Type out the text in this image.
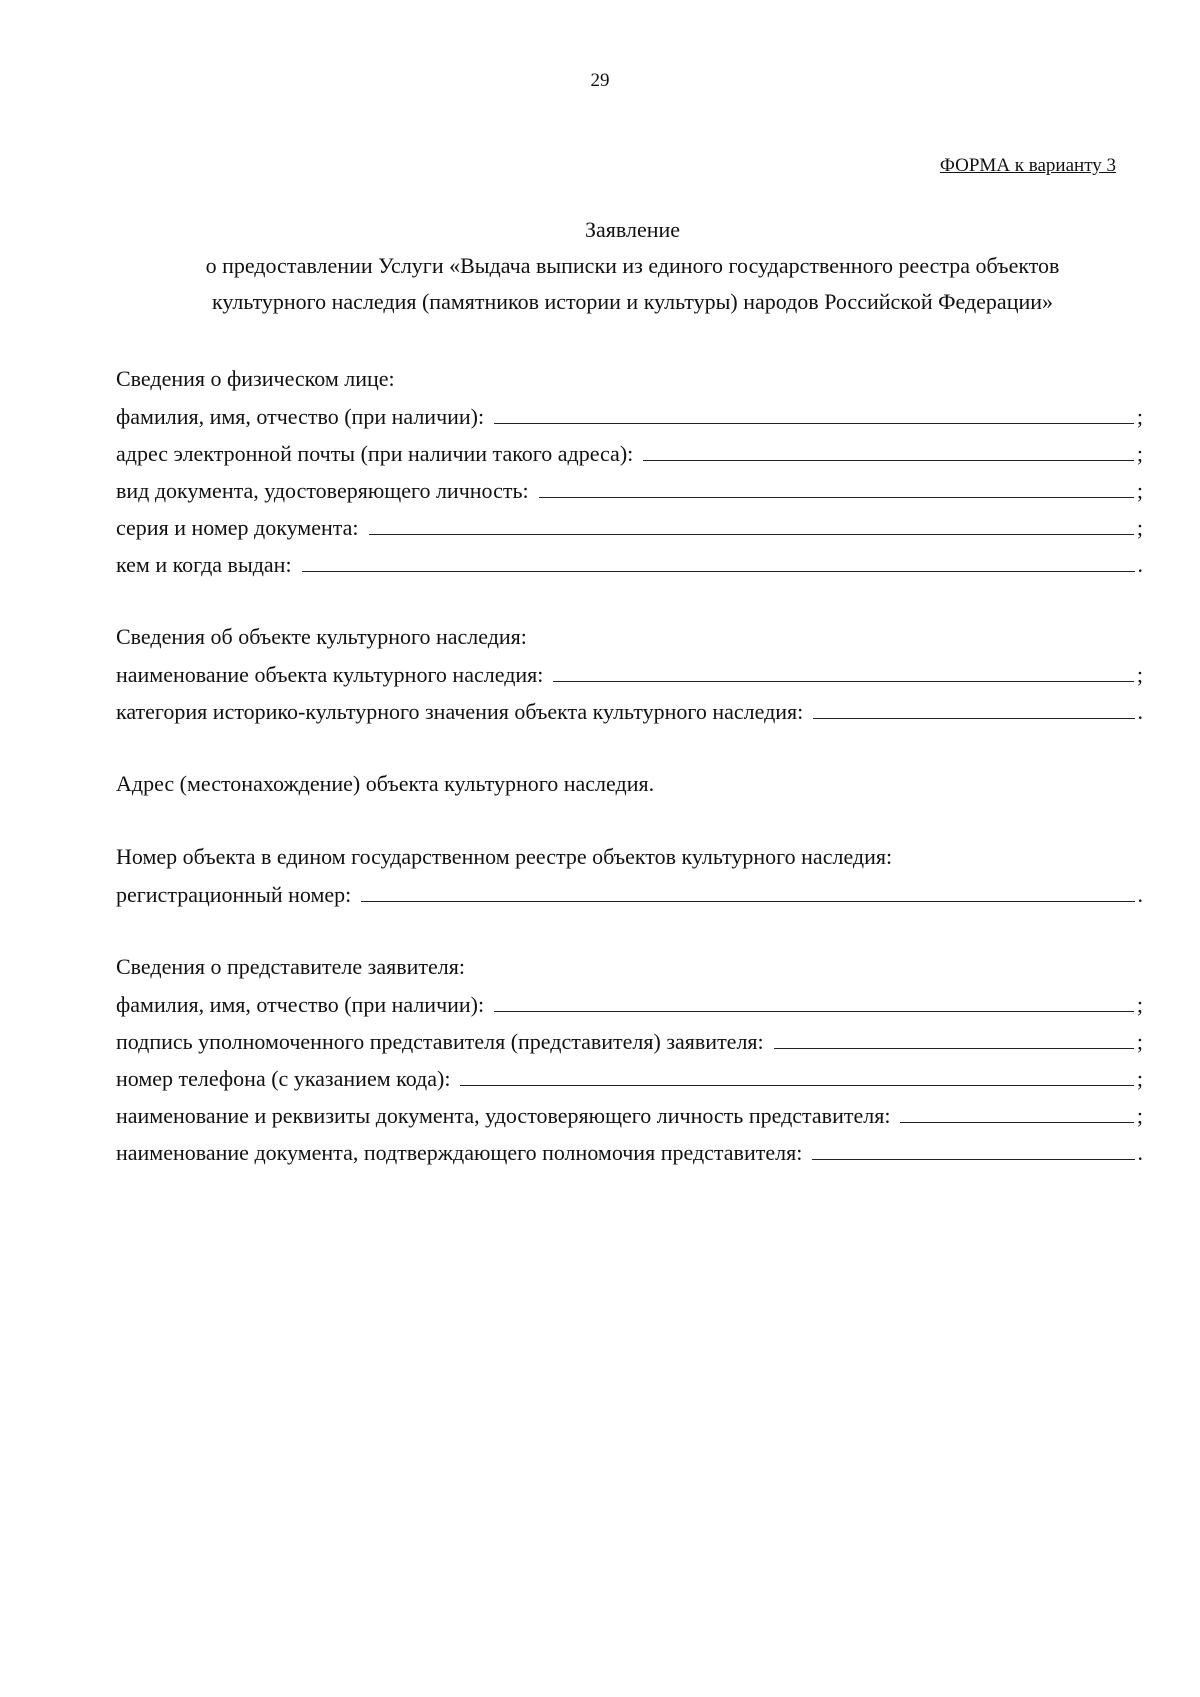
29
ФОРМА к варианту 3
Заявление
о предоставлении Услуги «Выдача выписки из единого государственного реестра объектов культурного наследия (памятников истории и культуры) народов Российской Федерации»
Сведения о физическом лице:
фамилия, имя, отчество (при наличии):	;
адрес электронной почты (при наличии такого адреса):	;
вид документа, удостоверяющего личность:	;
серия и номер документа:	;
кем и когда выдан:	.
Сведения об объекте культурного наследия:
наименование объекта культурного наследия:	;
категория историко-культурного значения объекта культурного наследия:	.
Адрес (местонахождение) объекта культурного наследия.
Номер объекта в едином государственном реестре объектов культурного наследия:
регистрационный номер:	.
Сведения о представителе заявителя:
фамилия, имя, отчество (при наличии):	;
подпись уполномоченного представителя (представителя) заявителя:	;
номер телефона (с указанием кода):	;
наименование и реквизиты документа, удостоверяющего личность представителя:	;
наименование документа, подтверждающего полномочия представителя:	.
